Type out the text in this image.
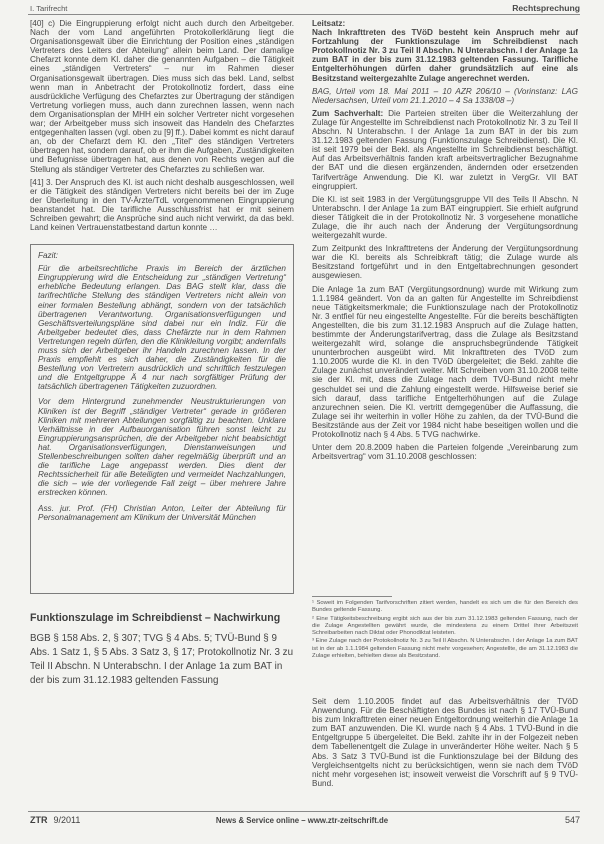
I. Tarifrecht	Rechtsprechung

[40] c) Die Eingruppierung erfolgt nicht auch durch den Arbeitgeber. Nach der vom Land angeführten Protokollerklärung liegt die Organisationsgewalt über die Einrichtung der Position eines „ständigen Vertreters des Leiters der Abteilung“ allein beim Land. Der damalige Chefarzt konnte dem Kl. daher die genannten Aufgaben – die Tätigkeit eines „ständigen Vertreters“ – nur im Rahmen dieser Organisationsgewalt übertragen. Dies muss sich das bekl. Land, selbst wenn man in Anbetracht der Protokollnotiz fordert, dass eine ausdrückliche Verfügung des Chefarztes zur Übertragung der ständigen Vertretung vorliegen muss, auch dann zurechnen lassen, wenn nach dem Organisationsplan der MHH ein solcher Vertreter nicht vorgesehen war; der Arbeitgeber muss sich insoweit das Handeln des Chefarztes entgegenhalten lassen (vgl. oben zu [9] ff.). Dabei kommt es nicht darauf an, ob der Chefarzt dem Kl. den „Titel“ des ständigen Vertreters übertragen hat, sondern darauf, ob er ihm die Aufgaben, Zuständigkeiten und Befugnisse übertragen hat, aus denen von Rechts wegen auf die Stellung als ständiger Vertreter des Chefarztes zu schließen war.

[41] 3. Der Anspruch des Kl. ist auch nicht deshalb ausgeschlossen, weil er die Tätigkeit des ständigen Vertreters nicht bereits bei der im Zuge der Überleitung in den TV-Ärzte/TdL vorgenommenen Eingruppierung beanstandet hat. Die tarifliche Ausschlussfrist hat er mit seinem Schreiben gewahrt; die Ansprüche sind auch nicht verwirkt, da das bekl. Land keinen Vertrauenstatbestand dartun konnte …

Fazit:

Für die arbeitsrechtliche Praxis im Bereich der ärztlichen Eingruppierung wird die Entscheidung zur „ständigen Vertretung“ erhebliche Bedeutung erlangen. Das BAG stellt klar, dass die tarifrechtliche Stellung des ständigen Vertreters nicht allein von einer formalen Bestellung abhängt, sondern von der tatsächlich übertragenen Verantwortung. Organisationsverfügungen und Geschäftsverteilungspläne sind dabei nur ein Indiz. Für die Arbeitgeber bedeutet dies, dass Chefärzte nur in dem Rahmen Vertretungen regeln dürfen, den die Klinikleitung vorgibt; andernfalls muss sich der Arbeitgeber ihr Handeln zurechnen lassen. In der Praxis empfiehlt es sich daher, die Zuständigkeiten für die Bestellung von Vertretern ausdrücklich und schriftlich festzulegen und die Entgeltgruppe Ä 4 nur nach sorgfältiger Prüfung der tatsächlich übertragenen Tätigkeiten zuzuordnen.

Vor dem Hintergrund zunehmender Neustrukturierungen von Kliniken ist der Begriff „ständiger Vertreter“ gerade in größeren Kliniken mit mehreren Abteilungen sorgfältig zu beachten. Unklare Verhältnisse in der Aufbauorganisation führen sonst leicht zu Eingruppierungsansprüchen, die der Arbeitgeber nicht beabsichtigt hat. Organisationsverfügungen, Dienstanweisungen und Stellenbeschreibungen sollten daher regelmäßig überprüft und an die tarifliche Lage angepasst werden. Dies dient der Rechtssicherheit für alle Beteiligten und vermeidet Nachzahlungen, die sich – wie der vorliegende Fall zeigt – über mehrere Jahre erstrecken können.

Ass. jur. Prof. (FH) Christian Anton, Leiter der Abteilung für Personalmanagement am Klinikum der Universität München

Funktionszulage im Schreibdienst – Nachwirkung

BGB § 158 Abs. 2, § 307; TVG § 4 Abs. 5; TVÜ-Bund § 9 Abs. 1 Satz 1, § 5 Abs. 3 Satz 3, § 17; Protokollnotiz Nr. 3 zu Teil II Abschn. N Unterabschn. I der Anlage 1a zum BAT in der bis zum 31.12.1983 geltenden Fassung

Leitsatz:

Nach Inkrafttreten des TVöD besteht kein Anspruch mehr auf Fortzahlung der Funktionszulage im Schreibdienst nach Protokollnotiz Nr. 3 zu Teil II Abschn. N Unterabschn. I der Anlage 1a zum BAT in der bis zum 31.12.1983 geltenden Fassung. Tarifliche Entgelterhöhungen dürfen daher grundsätzlich auf eine als Besitzstand weitergezahlte Zulage angerechnet werden.

BAG, Urteil vom 18. Mai 2011 – 10 AZR 206/10 – (Vorinstanz: LAG Niedersachsen, Urteil vom 21.1.2010 – 4 Sa 1338/08 –)

Zum Sachverhalt: Die Parteien streiten über die Weiterzahlung der Zulage für Angestellte im Schreibdienst nach Protokollnotiz Nr. 3 zu Teil II Abschn. N Unterabschn. I der Anlage 1a zum BAT in der bis zum 31.12.1983 geltenden Fassung (Funktionszulage Schreibdienst). Die Kl. ist seit 1979 bei der Bekl. als Angestellte im Schreibdienst beschäftigt. Auf das Arbeitsverhältnis fanden kraft arbeitsvertraglicher Bezugnahme der BAT und die diesen ergänzenden, ändernden oder ersetzenden Tarifverträge Anwendung. Die Kl. war zuletzt in VergGr. VII BAT eingruppiert.

Die Kl. ist seit 1983 in der Vergütungsgruppe VII des Teils II Abschn. N Unterabschn. I der Anlage 1a zum BAT eingruppiert. Sie erhielt aufgrund dieser Tätigkeit die in der Protokollnotiz Nr. 3 vorgesehene monatliche Zulage, die ihr auch nach der Änderung der Vergütungsordnung weitergezahlt wurde.

Zum Zeitpunkt des Inkrafttretens der Änderung der Vergütungsordnung war die Kl. bereits als Schreibkraft tätig; die Zulage wurde als Besitzstand fortgeführt und in den Entgeltabrechnungen gesondert ausgewiesen.

Die Anlage 1a zum BAT (Vergütungsordnung) wurde mit Wirkung zum 1.1.1984 geändert. Von da an galten für Angestellte im Schreibdienst neue Tätigkeitsmerkmale; die Funktionszulage nach der Protokollnotiz Nr. 3 entfiel für neu eingestellte Angestellte. Für die bereits beschäftigten Angestellten, die bis zum 31.12.1983 Anspruch auf die Zulage hatten, bestimmte der Änderungstarifvertrag, dass die Zulage als Besitzstand weitergezahlt wird, solange die anspruchsbegründende Tätigkeit ununterbrochen ausgeübt wird. Mit Inkrafttreten des TVöD zum 1.10.2005 wurde die Kl. in den TVöD übergeleitet; die Bekl. zahlte die Zulage zunächst unverändert weiter. Mit Schreiben vom 31.10.2008 teilte sie der Kl. mit, dass die Zulage nach dem TVÜ-Bund nicht mehr geschuldet sei und die Zahlung eingestellt werde. Hilfsweise berief sie sich darauf, dass tarifliche Entgelterhöhungen auf die Zulage anzurechnen seien. Die Kl. vertritt demgegenüber die Auffassung, die Zulage sei ihr weiterhin in voller Höhe zu zahlen, da der TVÜ-Bund die Besitzstände aus der Zeit vor 1984 nicht habe beseitigen wollen und die Protokollnotiz nach § 4 Abs. 5 TVG nachwirke.

Unter dem 20.8.2009 haben die Parteien folgende „Vereinbarung zum Arbeitsvertrag“ vom 31.10.2008 geschlossen:

¹ Soweit im Folgenden Tarifvorschriften zitiert werden, handelt es sich um die für den Bereich des Bundes geltende Fassung.

² Eine Tätigkeitsbeschreibung ergibt sich aus der bis zum 31.12.1983 geltenden Fassung, nach der die Zulage Angestellten gewährt wurde, die mindestens zu einem Drittel ihrer Arbeitszeit Schreibarbeiten nach Diktat oder Phonodiktat leisteten.

³ Eine Zulage nach der Protokollnotiz Nr. 3 zu Teil II Abschn. N Unterabschn. I der Anlage 1a zum BAT ist in der ab 1.1.1984 geltenden Fassung nicht mehr vorgesehen; Angestellte, die am 31.12.1983 die Zulage erhielten, behielten diese als Besitzstand.

Seit dem 1.10.2005 findet auf das Arbeitsverhältnis der TVöD Anwendung. Für die Beschäftigten des Bundes ist nach § 17 TVÜ-Bund bis zum Inkrafttreten einer neuen Entgeltordnung weiterhin die Anlage 1a zum BAT anzuwenden. Die Kl. wurde nach § 4 Abs. 1 TVÜ-Bund in die Entgeltgruppe 5 übergeleitet. Die Bekl. zahlte ihr in der Folgezeit neben dem Tabellenentgelt die Zulage in unveränderter Höhe weiter. Nach § 5 Abs. 3 Satz 3 TVÜ-Bund ist die Funktionszulage bei der Bildung des Vergleichsentgelts nicht zu berücksichtigen, wenn sie nach dem TVöD nicht mehr vorgesehen ist; insoweit verweist die Vorschrift auf § 9 TVÜ-Bund.

ZTR 9/2011	News & Service online – www.ztr-zeitschrift.de	547
